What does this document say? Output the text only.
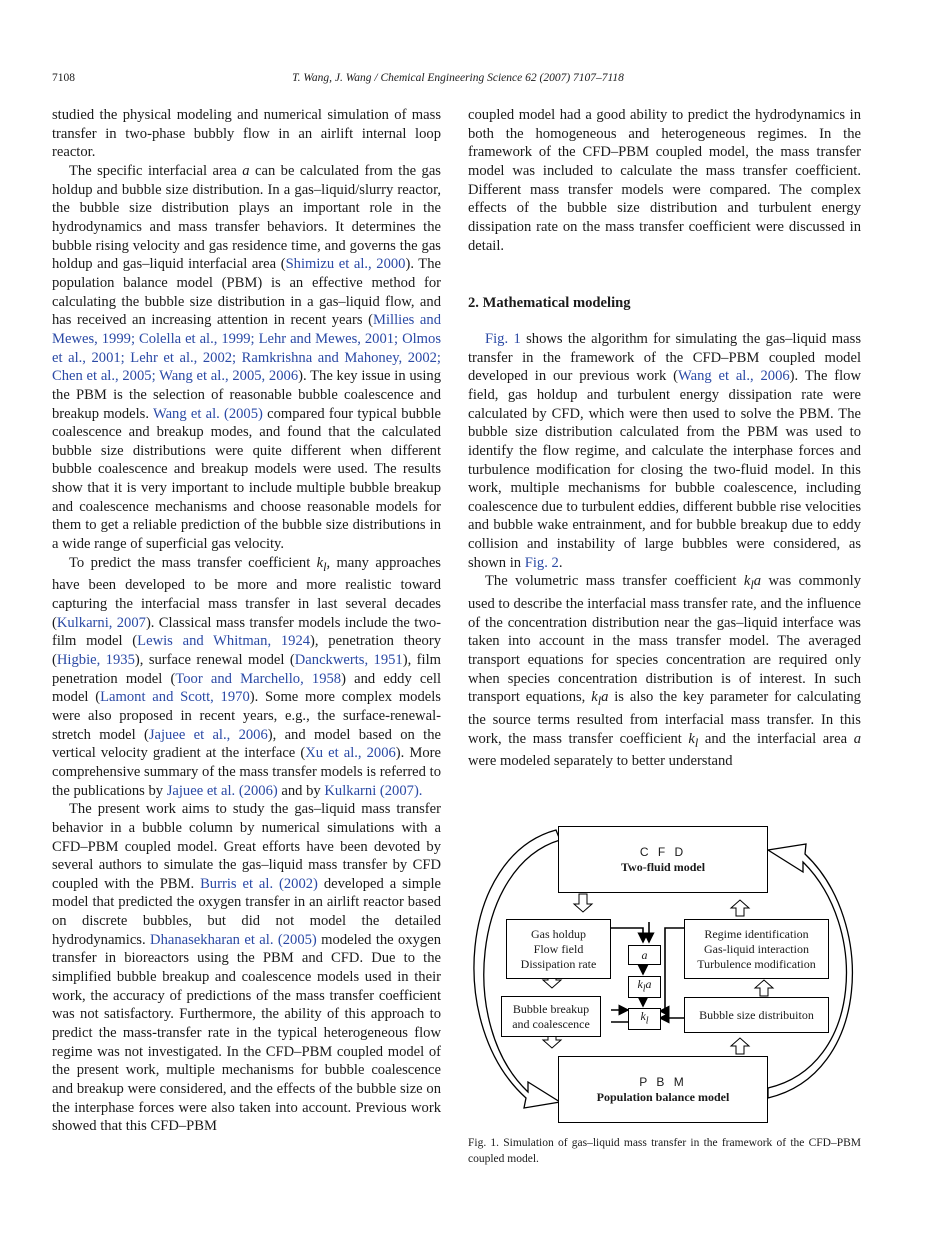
7108	T. Wang, J. Wang / Chemical Engineering Science 62 (2007) 7107–7118

studied the physical modeling and numerical simulation of mass transfer in two-phase bubbly flow in an airlift internal loop reactor.

The specific interfacial area a can be calculated from the gas holdup and bubble size distribution. In a gas–liquid/slurry reactor, the bubble size distribution plays an important role in the hydrodynamics and mass transfer behaviors. It determines the bubble rising velocity and gas residence time, and governs the gas holdup and gas–liquid interfacial area (Shimizu et al., 2000). The population balance model (PBM) is an effective method for calculating the bubble size distribution in a gas–liquid flow, and has received an increasing attention in recent years (Millies and Mewes, 1999; Colella et al., 1999; Lehr and Mewes, 2001; Olmos et al., 2001; Lehr et al., 2002; Ramkrishna and Mahoney, 2002; Chen et al., 2005; Wang et al., 2005, 2006). The key issue in using the PBM is the selection of reasonable bubble coalescence and breakup models. Wang et al. (2005) compared four typical bubble coalescence and breakup modes, and found that the calculated bubble size distributions were quite different when different bubble coalescence and breakup models were used. The results show that it is very important to include multiple bubble breakup and coalescence mechanisms and choose reasonable models for them to get a reliable prediction of the bubble size distributions in a wide range of superficial gas velocity.

To predict the mass transfer coefficient $k_l$, many approaches have been developed to be more and more realistic toward capturing the interfacial mass transfer in last several decades (Kulkarni, 2007). Classical mass transfer models include the two-film model (Lewis and Whitman, 1924), penetration theory (Higbie, 1935), surface renewal model (Danckwerts, 1951), film penetration model (Toor and Marchello, 1958) and eddy cell model (Lamont and Scott, 1970). Some more complex models were also proposed in recent years, e.g., the surface-renewal-stretch model (Jajuee et al., 2006), and model based on the vertical velocity gradient at the interface (Xu et al., 2006). More comprehensive summary of the mass transfer models is referred to the publications by Jajuee et al. (2006) and by Kulkarni (2007).

The present work aims to study the gas–liquid mass transfer behavior in a bubble column by numerical simulations with a CFD–PBM coupled model. Great efforts have been devoted by several authors to simulate the gas–liquid mass transfer by CFD coupled with the PBM. Burris et al. (2002) developed a simple model that predicted the oxygen transfer in an airlift reactor based on discrete bubbles, but did not model the detailed hydrodynamics. Dhanasekharan et al. (2005) modeled the oxygen transfer in bioreactors using the PBM and CFD. Due to the simplified bubble breakup and coalescence models used in their work, the accuracy of predictions of the mass transfer coefficient was not satisfactory. Furthermore, the ability of this approach to predict the mass-transfer rate in the typical heterogeneous flow regime was not investigated. In the CFD–PBM coupled model of the present work, multiple mechanisms for bubble coalescence and breakup were considered, and the effects of the bubble size on the interphase forces were also taken into account. Previous work showed that this CFD–PBM

coupled model had a good ability to predict the hydrodynamics in both the homogeneous and heterogeneous regimes. In the framework of the CFD–PBM coupled model, the mass transfer model was included to calculate the mass transfer coefficient. Different mass transfer models were compared. The complex effects of the bubble size distribution and turbulent energy dissipation rate on the mass transfer coefficient were discussed in detail.

2. Mathematical modeling

Fig. 1 shows the algorithm for simulating the gas–liquid mass transfer in the framework of the CFD–PBM coupled model developed in our previous work (Wang et al., 2006). The flow field, gas holdup and turbulent energy dissipation rate were calculated by CFD, which were then used to solve the PBM. The bubble size distribution calculated from the PBM was used to identify the flow regime, and calculate the interphase forces and turbulence modification for closing the two-fluid model. In this work, multiple mechanisms for bubble coalescence, including coalescence due to turbulent eddies, different bubble rise velocities and bubble wake entrainment, and for bubble breakup due to eddy collision and instability of large bubbles were considered, as shown in Fig. 2.

The volumetric mass transfer coefficient $k_la$ was commonly used to describe the interfacial mass transfer rate, and the influence of the concentration distribution near the gas–liquid interface was taken into account in the mass transfer model. The averaged transport equations for species concentration are required only when species concentration distribution is of interest. In such transport equations, $k_la$ is also the key parameter for calculating the source terms resulted from interfacial mass transfer. In this work, the mass transfer coefficient $k_l$ and the interfacial area a were modeled separately to better understand

C F D
Two-fluid model
Gas holdup
Flow field
Dissipation rate
Bubble breakup
and coalescence
a
$k_la$
$k_l$
Regime identification
Gas-liquid interaction
Turbulence modification
Bubble size distribuiton
P B M
Population balance model
Fig. 1. Simulation of gas–liquid mass transfer in the framework of the CFD–PBM coupled model.
